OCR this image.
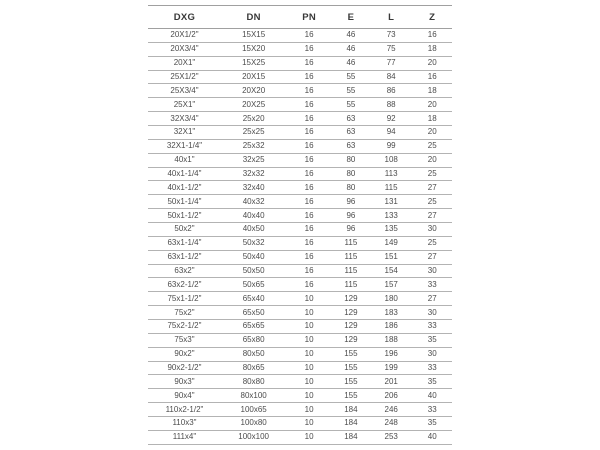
DXG	DN	PN	E	L	Z
20X1/2"	15X15	16	46	73	16
20X3/4"	15X20	16	46	75	18
20X1"	15X25	16	46	77	20
25X1/2"	20X15	16	55	84	16
25X3/4"	20X20	16	55	86	18
25X1"	20X25	16	55	88	20
32X3/4"	25x20	16	63	92	18
32X1"	25x25	16	63	94	20
32X1-1/4"	25x32	16	63	99	25
40x1"	32x25	16	80	108	20
40x1-1/4"	32x32	16	80	113	25
40x1-1/2"	32x40	16	80	115	27
50x1-1/4"	40x32	16	96	131	25
50x1-1/2"	40x40	16	96	133	27
50x2"	40x50	16	96	135	30
63x1-1/4"	50x32	16	115	149	25
63x1-1/2"	50x40	16	115	151	27
63x2"	50x50	16	115	154	30
63x2-1/2"	50x65	16	115	157	33
75x1-1/2"	65x40	10	129	180	27
75x2"	65x50	10	129	183	30
75x2-1/2"	65x65	10	129	186	33
75x3"	65x80	10	129	188	35
90x2"	80x50	10	155	196	30
90x2-1/2"	80x65	10	155	199	33
90x3"	80x80	10	155	201	35
90x4"	80x100	10	155	206	40
110x2-1/2"	100x65	10	184	246	33
110x3"	100x80	10	184	248	35
111x4"	100x100	10	184	253	40
